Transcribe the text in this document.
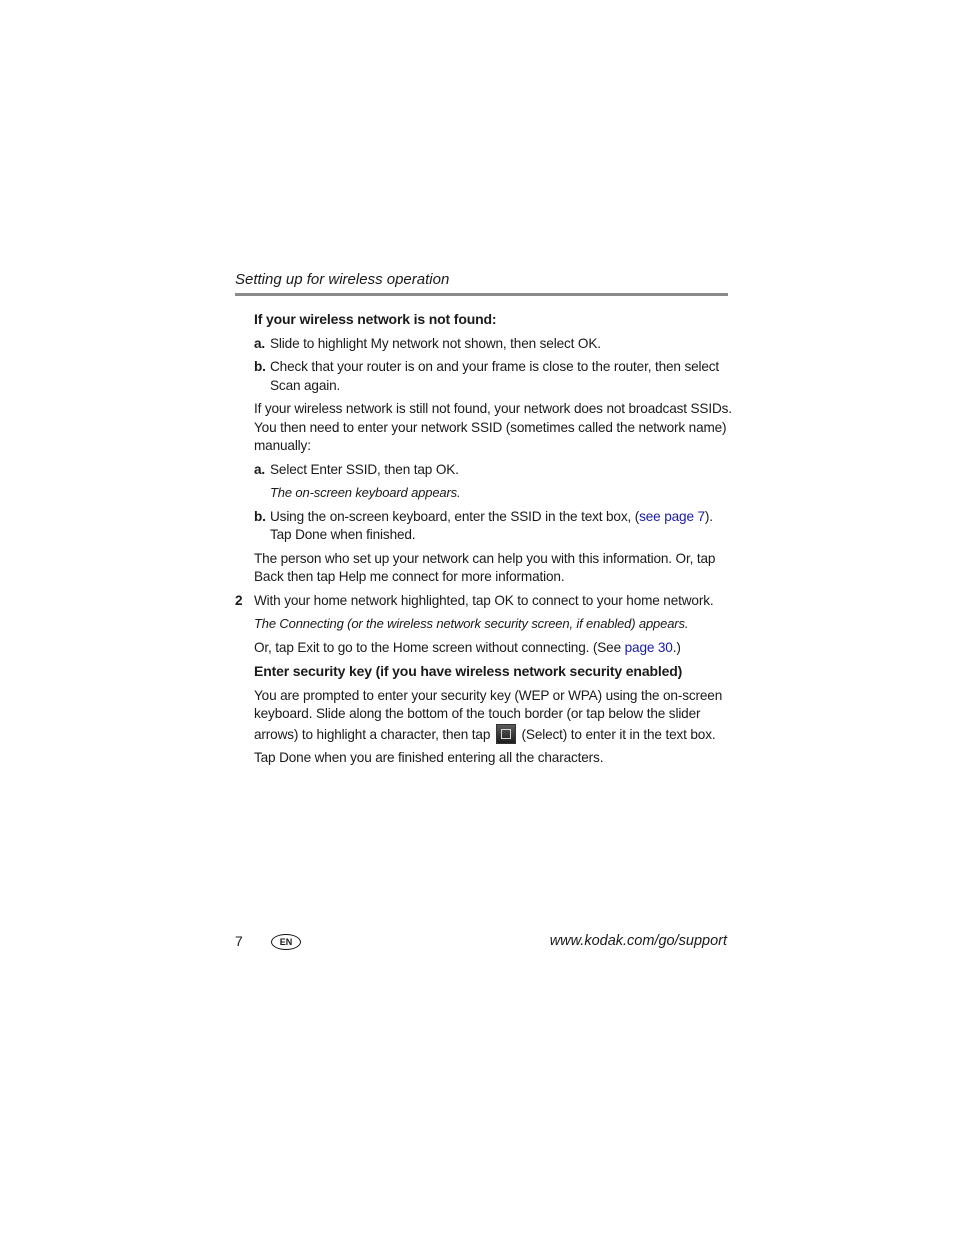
Setting up for wireless operation
If your wireless network is not found:
a. Slide to highlight My network not shown, then select OK.
b. Check that your router is on and your frame is close to the router, then select Scan again.
If your wireless network is still not found, your network does not broadcast SSIDs. You then need to enter your network SSID (sometimes called the network name) manually:
a. Select Enter SSID, then tap OK.
The on-screen keyboard appears.
b. Using the on-screen keyboard, enter the SSID in the text box, (see page 7). Tap Done when finished.
The person who set up your network can help you with this information. Or, tap Back then tap Help me connect for more information.
2 With your home network highlighted, tap OK to connect to your home network.
The Connecting (or the wireless network security screen, if enabled) appears.
Or, tap Exit to go to the Home screen without connecting. (See page 30.)
Enter security key (if you have wireless network security enabled)
You are prompted to enter your security key (WEP or WPA) using the on-screen keyboard. Slide along the bottom of the touch border (or tap below the slider arrows) to highlight a character, then tap (Select) to enter it in the text box.
Tap Done when you are finished entering all the characters.
7	EN	www.kodak.com/go/support
